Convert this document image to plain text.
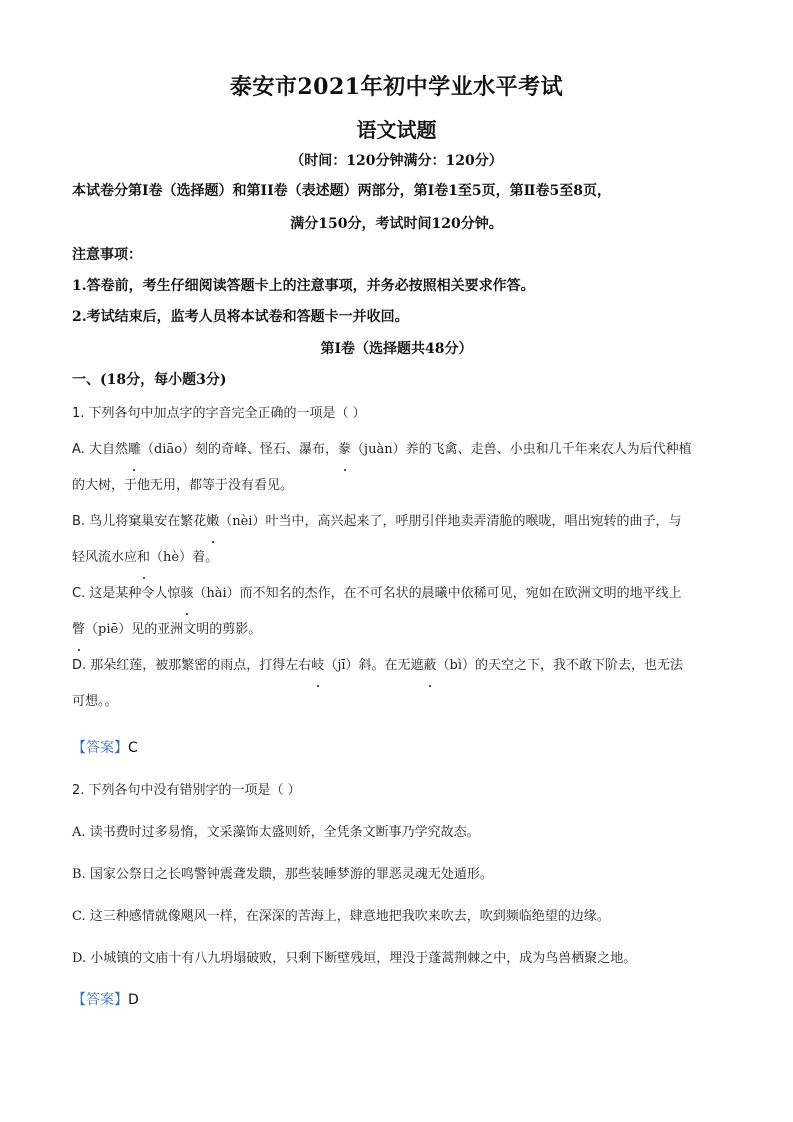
泰安市2021年初中学业水平考试
语文试题
（时间：120分钟满分：120分）
本试卷分第Ⅰ卷（选择题）和第II卷（表述题）两部分，第Ⅰ卷1至5页，第Ⅱ卷5至8页，
满分150分，考试时间120分钟。
注意事项：
1.答卷前，考生仔细阅读答题卡上的注意事项，并务必按照相关要求作答。
2.考试结束后，监考人员将本试卷和答题卡一并收回。
第Ⅰ卷（选择题共48分）
一、(18分，每小题3分)
1. 下列各句中加点字的字音完全正确的一项是（ ）
A. 大自然雕（diāo）刻的奇峰、怪石、瀑布，豢（juàn）养的飞禽、走兽、小虫和几千年来农人为后代种植
的大树，于他无用，都等于没有看见。
B. 鸟儿将窠巢安在繁花嫩（nèi）叶当中，高兴起来了，呼朋引伴地卖弄清脆的喉咙，唱出宛转的曲子，与
轻风流水应和（hè）着。
C. 这是某种令人惊骇（hài）而不知名的杰作，在不可名状的晨曦中依稀可见，宛如在欧洲文明的地平线上
瞥（piē）见的亚洲文明的剪影。
D. 那朵红莲，被那繁密的雨点，打得左右岐（jī）斜。在无遮蔽（bì）的天空之下，我不敢下阶去，也无法
可想。。
【答案】C
2. 下列各句中没有错别字的一项是（ ）
A. 读书费时过多易惰，文采藻饰太盛则娇，全凭条文断事乃学究故态。
B. 国家公祭日之长鸣警钟震聋发聩，那些装睡梦游的罪恶灵魂无处遁形。
C. 这三种感情就像飓风一样，在深深的苦海上，肆意地把我吹来吹去，吹到频临绝望的边缘。
D. 小城镇的文庙十有八九坍塌破败，只剩下断壁残垣，埋没于蓬蒿荆棘之中，成为鸟兽栖聚之地。
【答案】D
